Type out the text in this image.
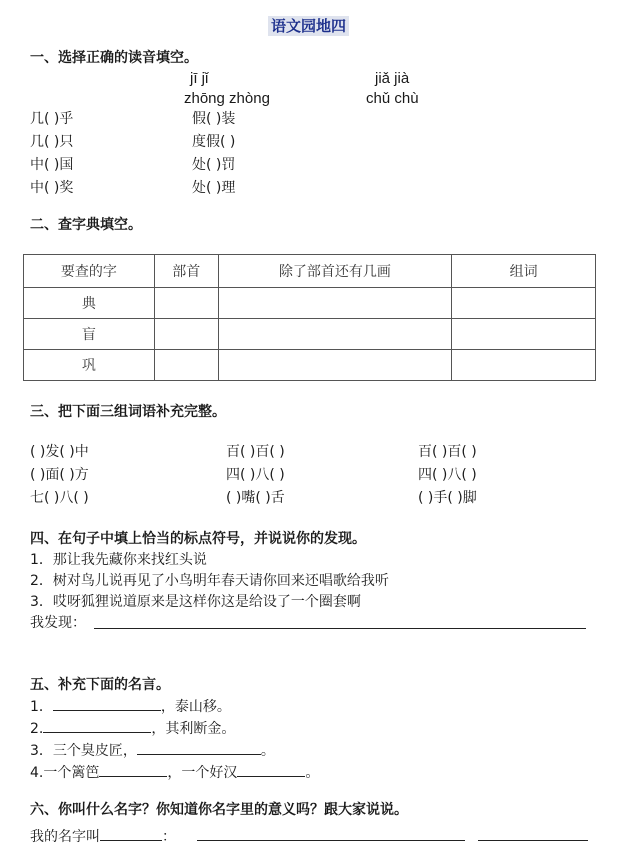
语文园地四
一、选择正确的读音填空。
jī jǐ
zhōng zhòng
jiǎ jià
chǔ chù
几( )乎
几( )只
中( )国
中( )奖
假( )装
度假( )
处( )罚
处( )理
二、查字典填空。
要查的字	部首	除了部首还有几画	组词
典			
盲			
巩			
三、把下面三组词语补充完整。
( )发( )中	百( )百( )	百( )百( )
( )面( )方	四( )八( )	四( )八( )
七( )八( )	( )嘴( )舌	( )手( )脚
四、在句子中填上恰当的标点符号，并说说你的发现。
1．那让我先藏你来找红头说
2．树对鸟儿说再见了小鸟明年春天请你回来还唱歌给我听
3．哎呀狐狸说道原来是这样你这是给设了一个圈套啊
我发现：
五、补充下面的名言。
1．	，泰山移。
2.	，其利断金。
3．三个臭皮匠，	。
4.一个篱笆	，一个好汉	。
六、你叫什么名字？你知道你名字里的意义吗？跟大家说说。
我的名字叫	：
